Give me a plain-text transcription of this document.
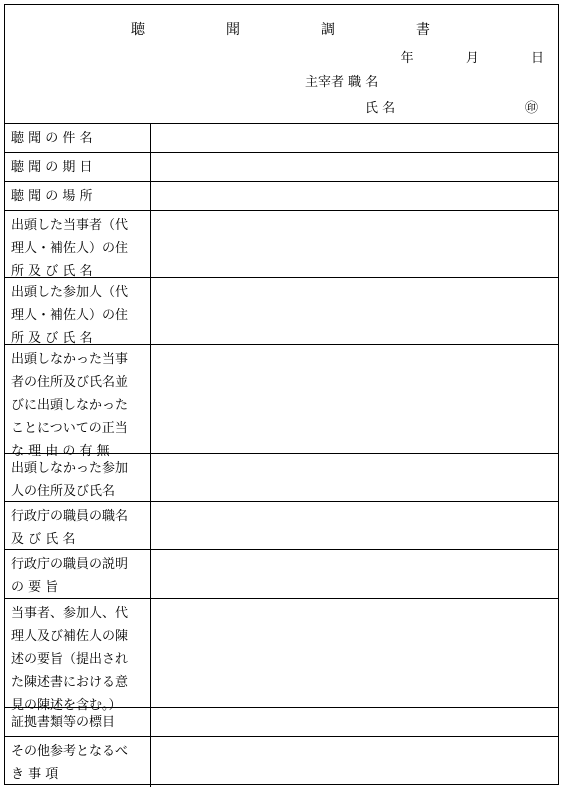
聴	聞	調	書
年	月	日
主宰者 職 名
氏 名	㊞
聴 聞 の 件 名
聴 聞 の 期 日
聴 聞 の 場 所
出頭した当事者（代
理人・補佐人）の住
所 及 び 氏 名
出頭した参加人（代
理人・補佐人）の住
所 及 び 氏 名
出頭しなかった当事
者の住所及び氏名並
びに出頭しなかった
ことについての正当
な 理 由 の 有 無
出頭しなかった参加
人の住所及び氏名
行政庁の職員の職名
及 び 氏 名
行政庁の職員の説明
の 要 旨
当事者、参加人、代
理人及び補佐人の陳
述の要旨（提出され
た陳述書における意
見の陳述を含む。）
証拠書類等の標目
その他参考となるべ
き 事 項
